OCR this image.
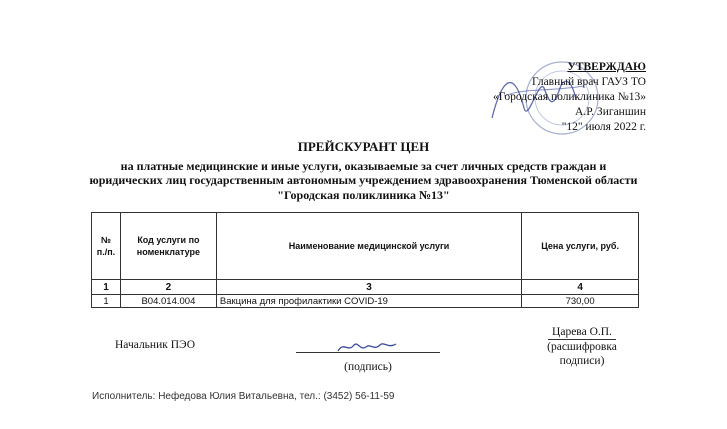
УТВЕРЖДАЮ
Главный врач ГАУЗ ТО
«Городская поликлиника №13»
А.Р. Зиганшин
"12" июля 2022 г.
ПРЕЙСКУРАНТ ЦЕН
на платные медицинские и иные услуги, оказываемые за счет личных средств граждан и
юридических лиц государственным автономным учреждением здравоохранения Тюменской области
"Городская поликлиника №13"
№ п./п.	Код услуги по номенклатуре	Наименование медицинской услуги	Цена услуги, руб.
1	2	3	4
1	B04.014.004	Вакцина для профилактики COVID-19	730,00
Начальник ПЭО
(подпись)
Царева О.П.
(расшифровка
подписи)
Исполнитель: Нефедова Юлия Витальевна, тел.: (3452) 56-11-59
